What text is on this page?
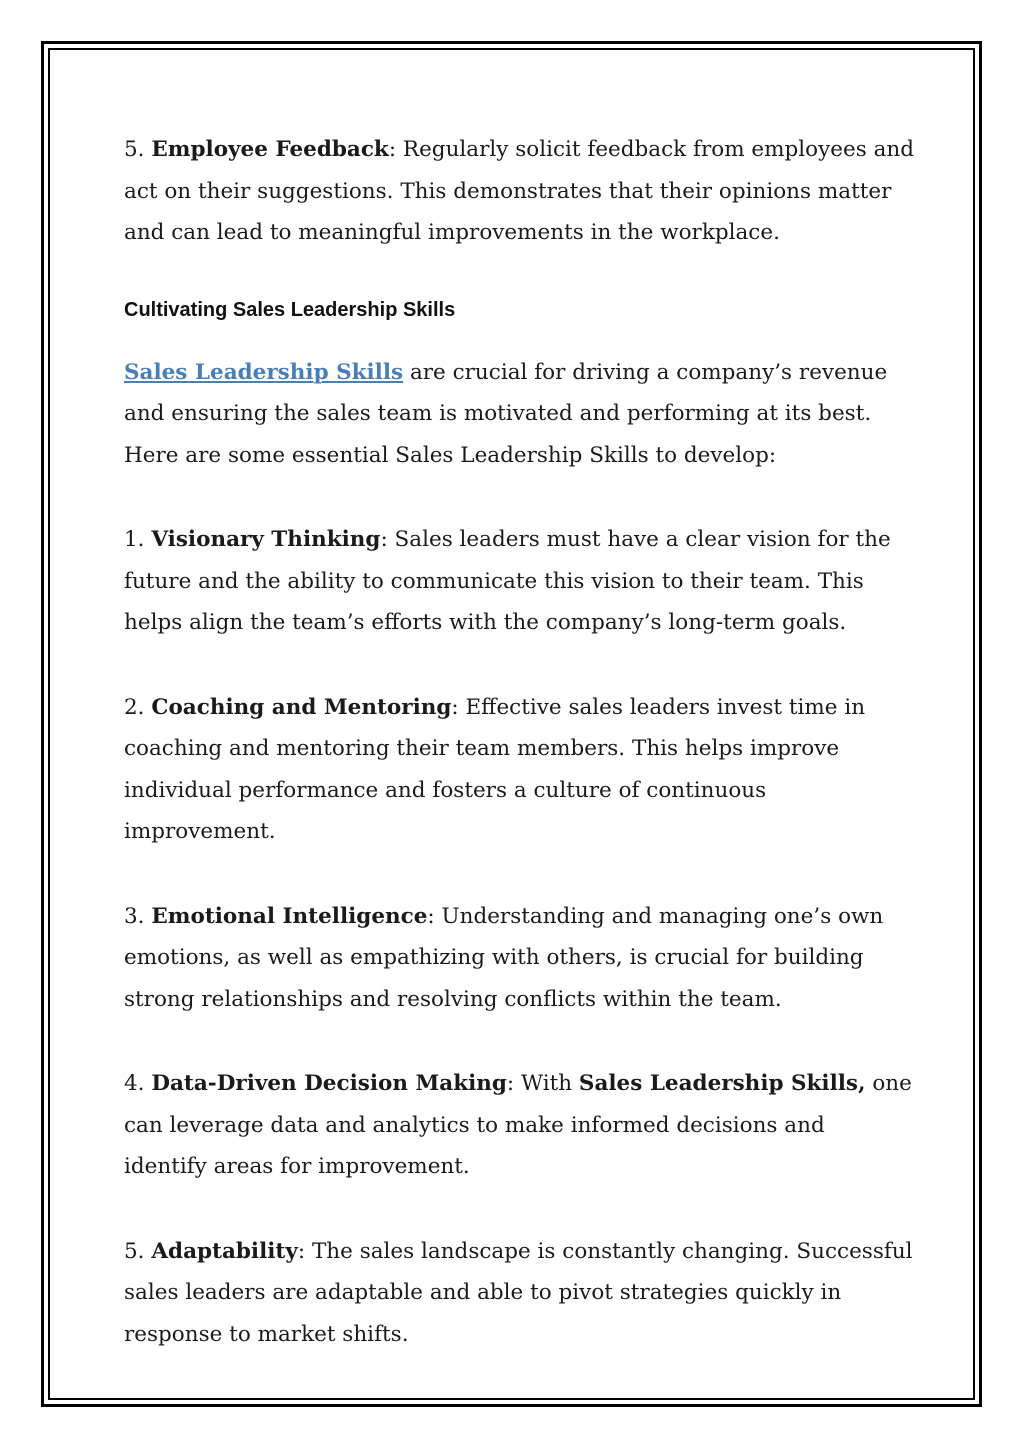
5. Employee Feedback: Regularly solicit feedback from employees and act on their suggestions. This demonstrates that their opinions matter and can lead to meaningful improvements in the workplace.

Cultivating Sales Leadership Skills

Sales Leadership Skills are crucial for driving a company’s revenue and ensuring the sales team is motivated and performing at its best. Here are some essential Sales Leadership Skills to develop:

1. Visionary Thinking: Sales leaders must have a clear vision for the future and the ability to communicate this vision to their team. This helps align the team’s efforts with the company’s long-term goals.

2. Coaching and Mentoring: Effective sales leaders invest time in coaching and mentoring their team members. This helps improve individual performance and fosters a culture of continuous improvement.

3. Emotional Intelligence: Understanding and managing one’s own emotions, as well as empathizing with others, is crucial for building strong relationships and resolving conflicts within the team.

4. Data-Driven Decision Making: With Sales Leadership Skills, one can leverage data and analytics to make informed decisions and identify areas for improvement.

5. Adaptability: The sales landscape is constantly changing. Successful sales leaders are adaptable and able to pivot strategies quickly in response to market shifts.
